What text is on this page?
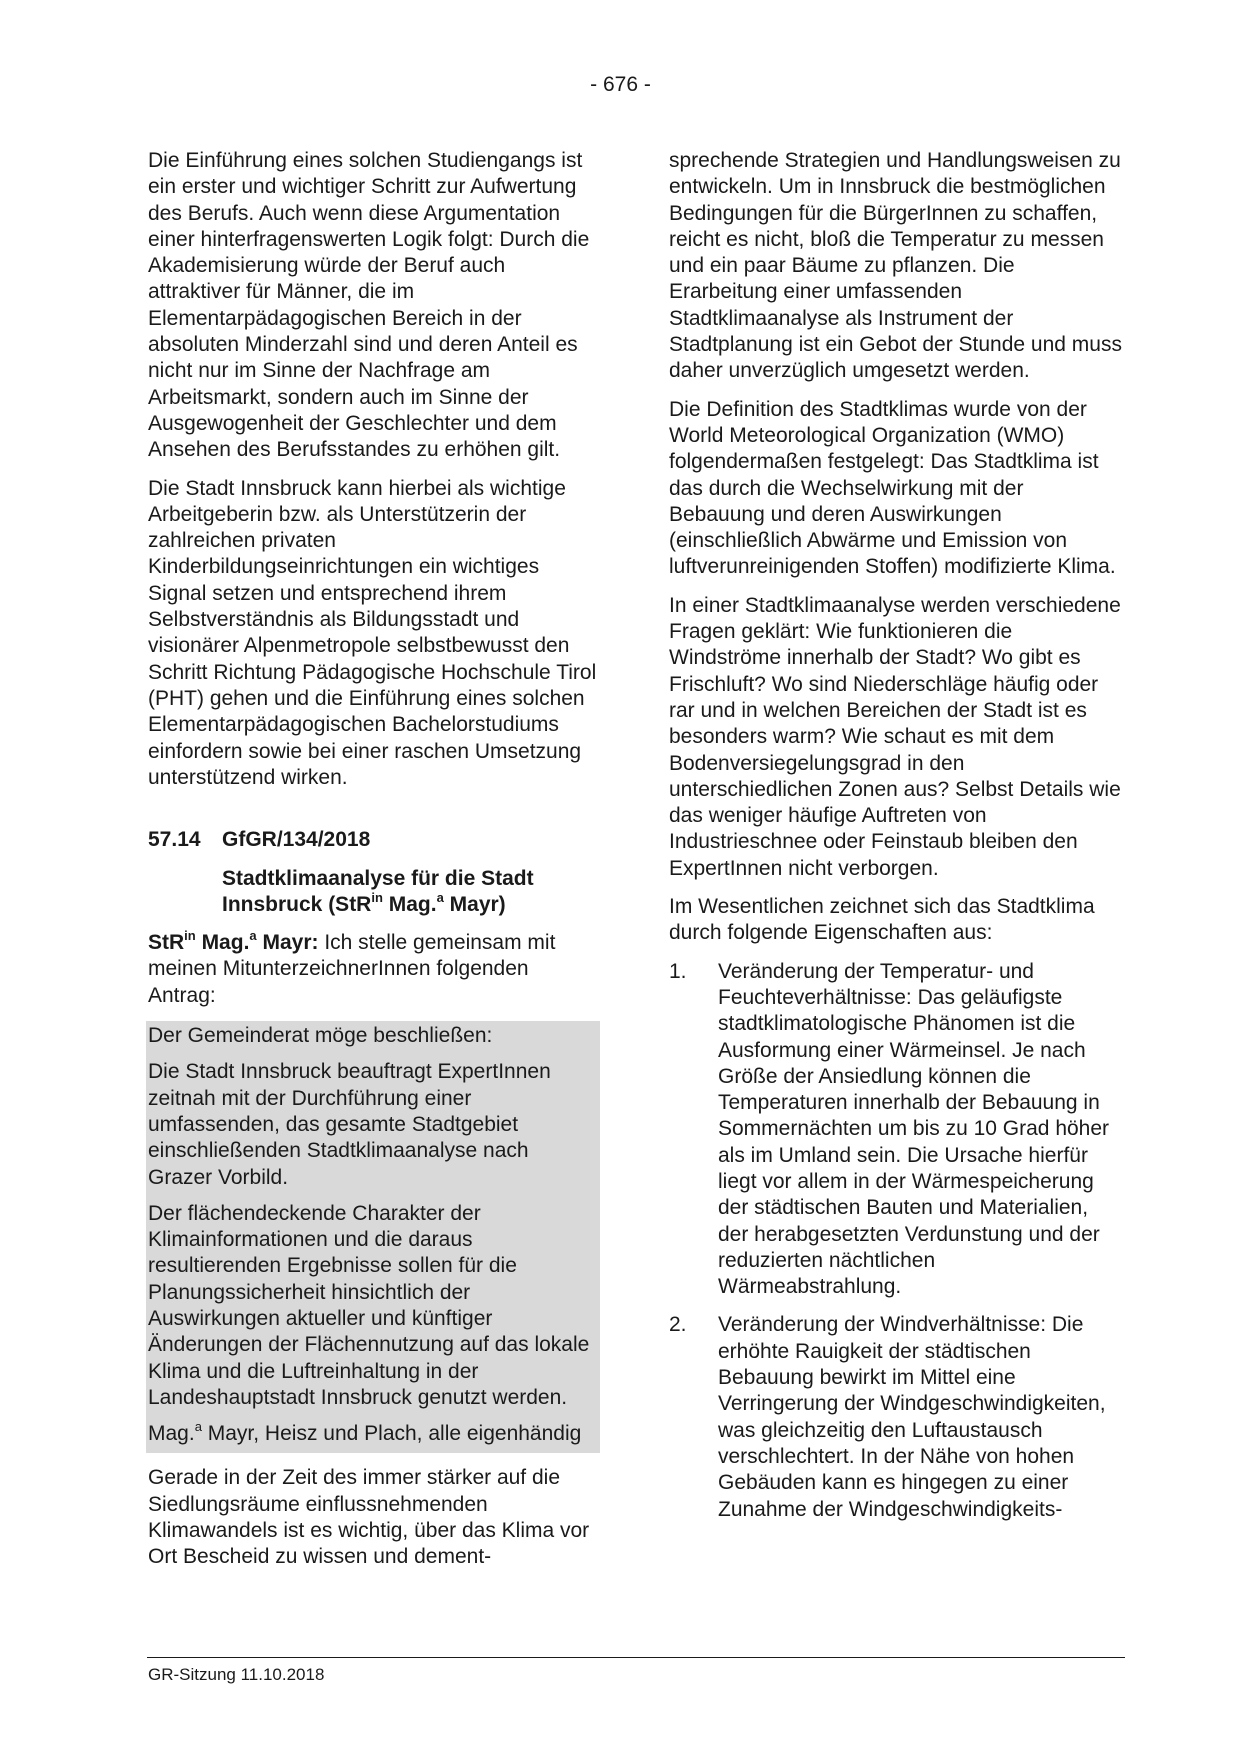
- 676 -

Die Einführung eines solchen Studiengangs ist ein erster und wichtiger Schritt zur Aufwertung des Berufs. Auch wenn diese Argumentation einer hinterfragenswerten Logik folgt: Durch die Akademisierung würde der Beruf auch attraktiver für Männer, die im Elementarpädagogischen Bereich in der absoluten Minderzahl sind und deren Anteil es nicht nur im Sinne der Nachfrage am Arbeitsmarkt, sondern auch im Sinne der Ausgewogenheit der Geschlechter und dem Ansehen des Berufsstandes zu erhöhen gilt.

Die Stadt Innsbruck kann hierbei als wichtige Arbeitgeberin bzw. als Unterstützerin der zahlreichen privaten Kinderbildungseinrichtungen ein wichtiges Signal setzen und entsprechend ihrem Selbstverständnis als Bildungsstadt und visionärer Alpenmetropole selbstbewusst den Schritt Richtung Pädagogische Hochschule Tirol (PHT) gehen und die Einführung eines solchen Elementarpädagogischen Bachelorstudiums einfordern sowie bei einer raschen Umsetzung unterstützend wirken.

57.14 GfGR/134/2018
Stadtklimaanalyse für die Stadt Innsbruck (StR$^{in}$ Mag.$^a$ Mayr)

StR$^{in}$ Mag.$^a$ Mayr: Ich stelle gemeinsam mit meinen MitunterzeichnerInnen folgenden Antrag:

Der Gemeinderat möge beschließen:

Die Stadt Innsbruck beauftragt ExpertInnen zeitnah mit der Durchführung einer umfassenden, das gesamte Stadtgebiet einschließenden Stadtklimaanalyse nach Grazer Vorbild.

Der flächendeckende Charakter der Klimainformationen und die daraus resultierenden Ergebnisse sollen für die Planungssicherheit hinsichtlich der Auswirkungen aktueller und künftiger Änderungen der Flächennutzung auf das lokale Klima und die Luftreinhaltung in der Landeshauptstadt Innsbruck genutzt werden.

Mag.$^a$ Mayr, Heisz und Plach, alle eigenhändig

Gerade in der Zeit des immer stärker auf die Siedlungsräume einflussnehmenden Klimawandels ist es wichtig, über das Klima vor Ort Bescheid zu wissen und dement-

sprechende Strategien und Handlungsweisen zu entwickeln. Um in Innsbruck die bestmöglichen Bedingungen für die BürgerInnen zu schaffen, reicht es nicht, bloß die Temperatur zu messen und ein paar Bäume zu pflanzen. Die Erarbeitung einer umfassenden Stadtklimaanalyse als Instrument der Stadtplanung ist ein Gebot der Stunde und muss daher unverzüglich umgesetzt werden.

Die Definition des Stadtklimas wurde von der World Meteorological Organization (WMO) folgendermaßen festgelegt: Das Stadtklima ist das durch die Wechselwirkung mit der Bebauung und deren Auswirkungen (einschließlich Abwärme und Emission von luftverunreinigenden Stoffen) modifizierte Klima.

In einer Stadtklimaanalyse werden verschiedene Fragen geklärt: Wie funktionieren die Windströme innerhalb der Stadt? Wo gibt es Frischluft? Wo sind Niederschläge häufig oder rar und in welchen Bereichen der Stadt ist es besonders warm? Wie schaut es mit dem Bodenversiegelungsgrad in den unterschiedlichen Zonen aus? Selbst Details wie das weniger häufige Auftreten von Industrieschnee oder Feinstaub bleiben den ExpertInnen nicht verborgen.

Im Wesentlichen zeichnet sich das Stadtklima durch folgende Eigenschaften aus:

1.	Veränderung der Temperatur- und Feuchteverhältnisse: Das geläufigste stadtklimatologische Phänomen ist die Ausformung einer Wärmeinsel. Je nach Größe der Ansiedlung können die Temperaturen innerhalb der Bebauung in Sommernächten um bis zu 10 Grad höher als im Umland sein. Die Ursache hierfür liegt vor allem in der Wärmespeicherung der städtischen Bauten und Materialien, der herabgesetzten Verdunstung und der reduzierten nächtlichen Wärmeabstrahlung.
2.	Veränderung der Windverhältnisse: Die erhöhte Rauigkeit der städtischen Bebauung bewirkt im Mittel eine Verringerung der Windgeschwindigkeiten, was gleichzeitig den Luftaustausch verschlechtert. In der Nähe von hohen Gebäuden kann es hingegen zu einer Zunahme der Windgeschwindigkeits-
GR-Sitzung 11.10.2018
